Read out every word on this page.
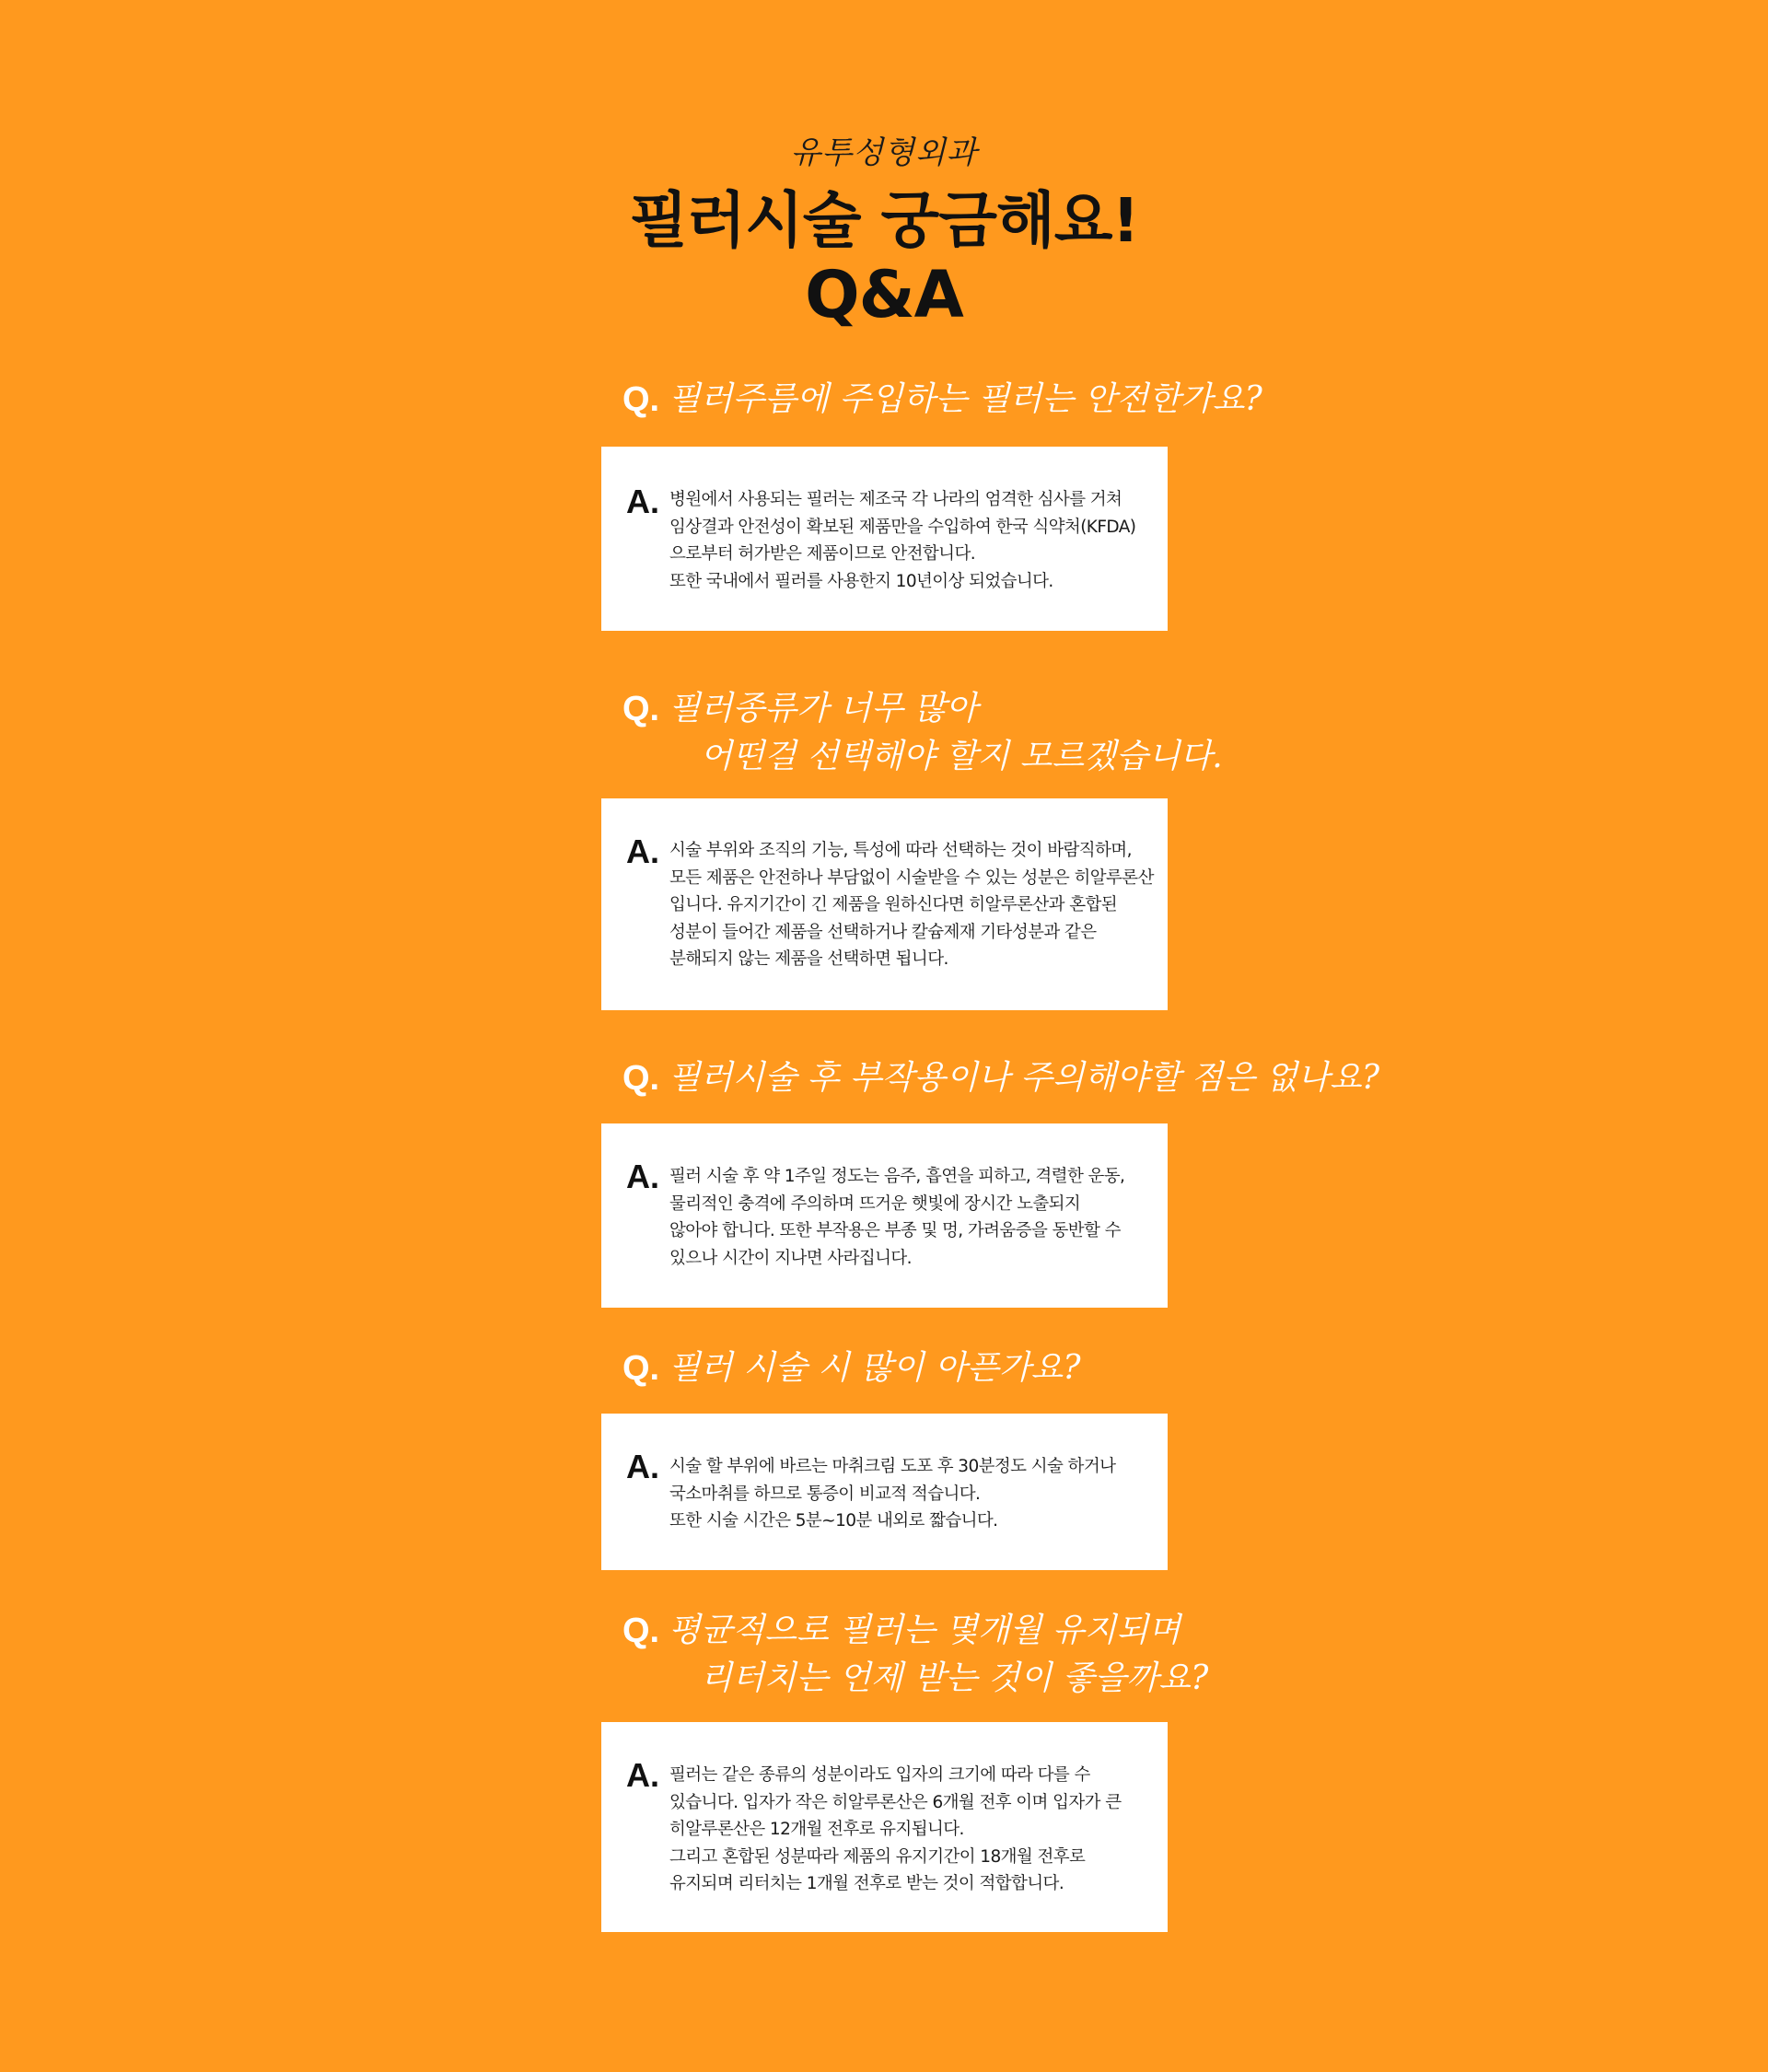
유투성형외과
필러시술 궁금해요!
Q&A
Q. 필러주름에 주입하는 필러는 안전한가요?
A. 병원에서 사용되는 필러는 제조국 각 나라의 엄격한 심사를 거쳐
임상결과 안전성이 확보된 제품만을 수입하여 한국 식약처(KFDA)
으로부터 허가받은 제품이므로 안전합니다.
또한 국내에서 필러를 사용한지 10년이상 되었습니다.
Q. 필러종류가 너무 많아
어떤걸 선택해야 할지 모르겠습니다.
A. 시술 부위와 조직의 기능, 특성에 따라 선택하는 것이 바람직하며,
모든 제품은 안전하나 부담없이 시술받을 수 있는 성분은 히알루론산
입니다. 유지기간이 긴 제품을 원하신다면 히알루론산과 혼합된
성분이 들어간 제품을 선택하거나 칼슘제재 기타성분과 같은
분해되지 않는 제품을 선택하면 됩니다.
Q. 필러시술 후 부작용이나 주의해야할 점은 없나요?
A. 필러 시술 후 약 1주일 정도는 음주, 흡연을 피하고, 격렬한 운동,
물리적인 충격에 주의하며 뜨거운 햇빛에 장시간 노출되지
않아야 합니다. 또한 부작용은 부종 및 멍, 가려움증을 동반할 수
있으나 시간이 지나면 사라집니다.
Q. 필러 시술 시 많이 아픈가요?
A. 시술 할 부위에 바르는 마취크림 도포 후 30분정도 시술 하거나
국소마취를 하므로 통증이 비교적 적습니다.
또한 시술 시간은 5분~10분 내외로 짧습니다.
Q. 평균적으로 필러는 몇개월 유지되며
리터치는 언제 받는 것이 좋을까요?
A. 필러는 같은 종류의 성분이라도 입자의 크기에 따라 다를 수
있습니다. 입자가 작은 히알루론산은 6개월 전후 이며 입자가 큰
히알루론산은 12개월 전후로 유지됩니다.
그리고 혼합된 성분따라 제품의 유지기간이 18개월 전후로
유지되며 리터치는 1개월 전후로 받는 것이 적합합니다.
